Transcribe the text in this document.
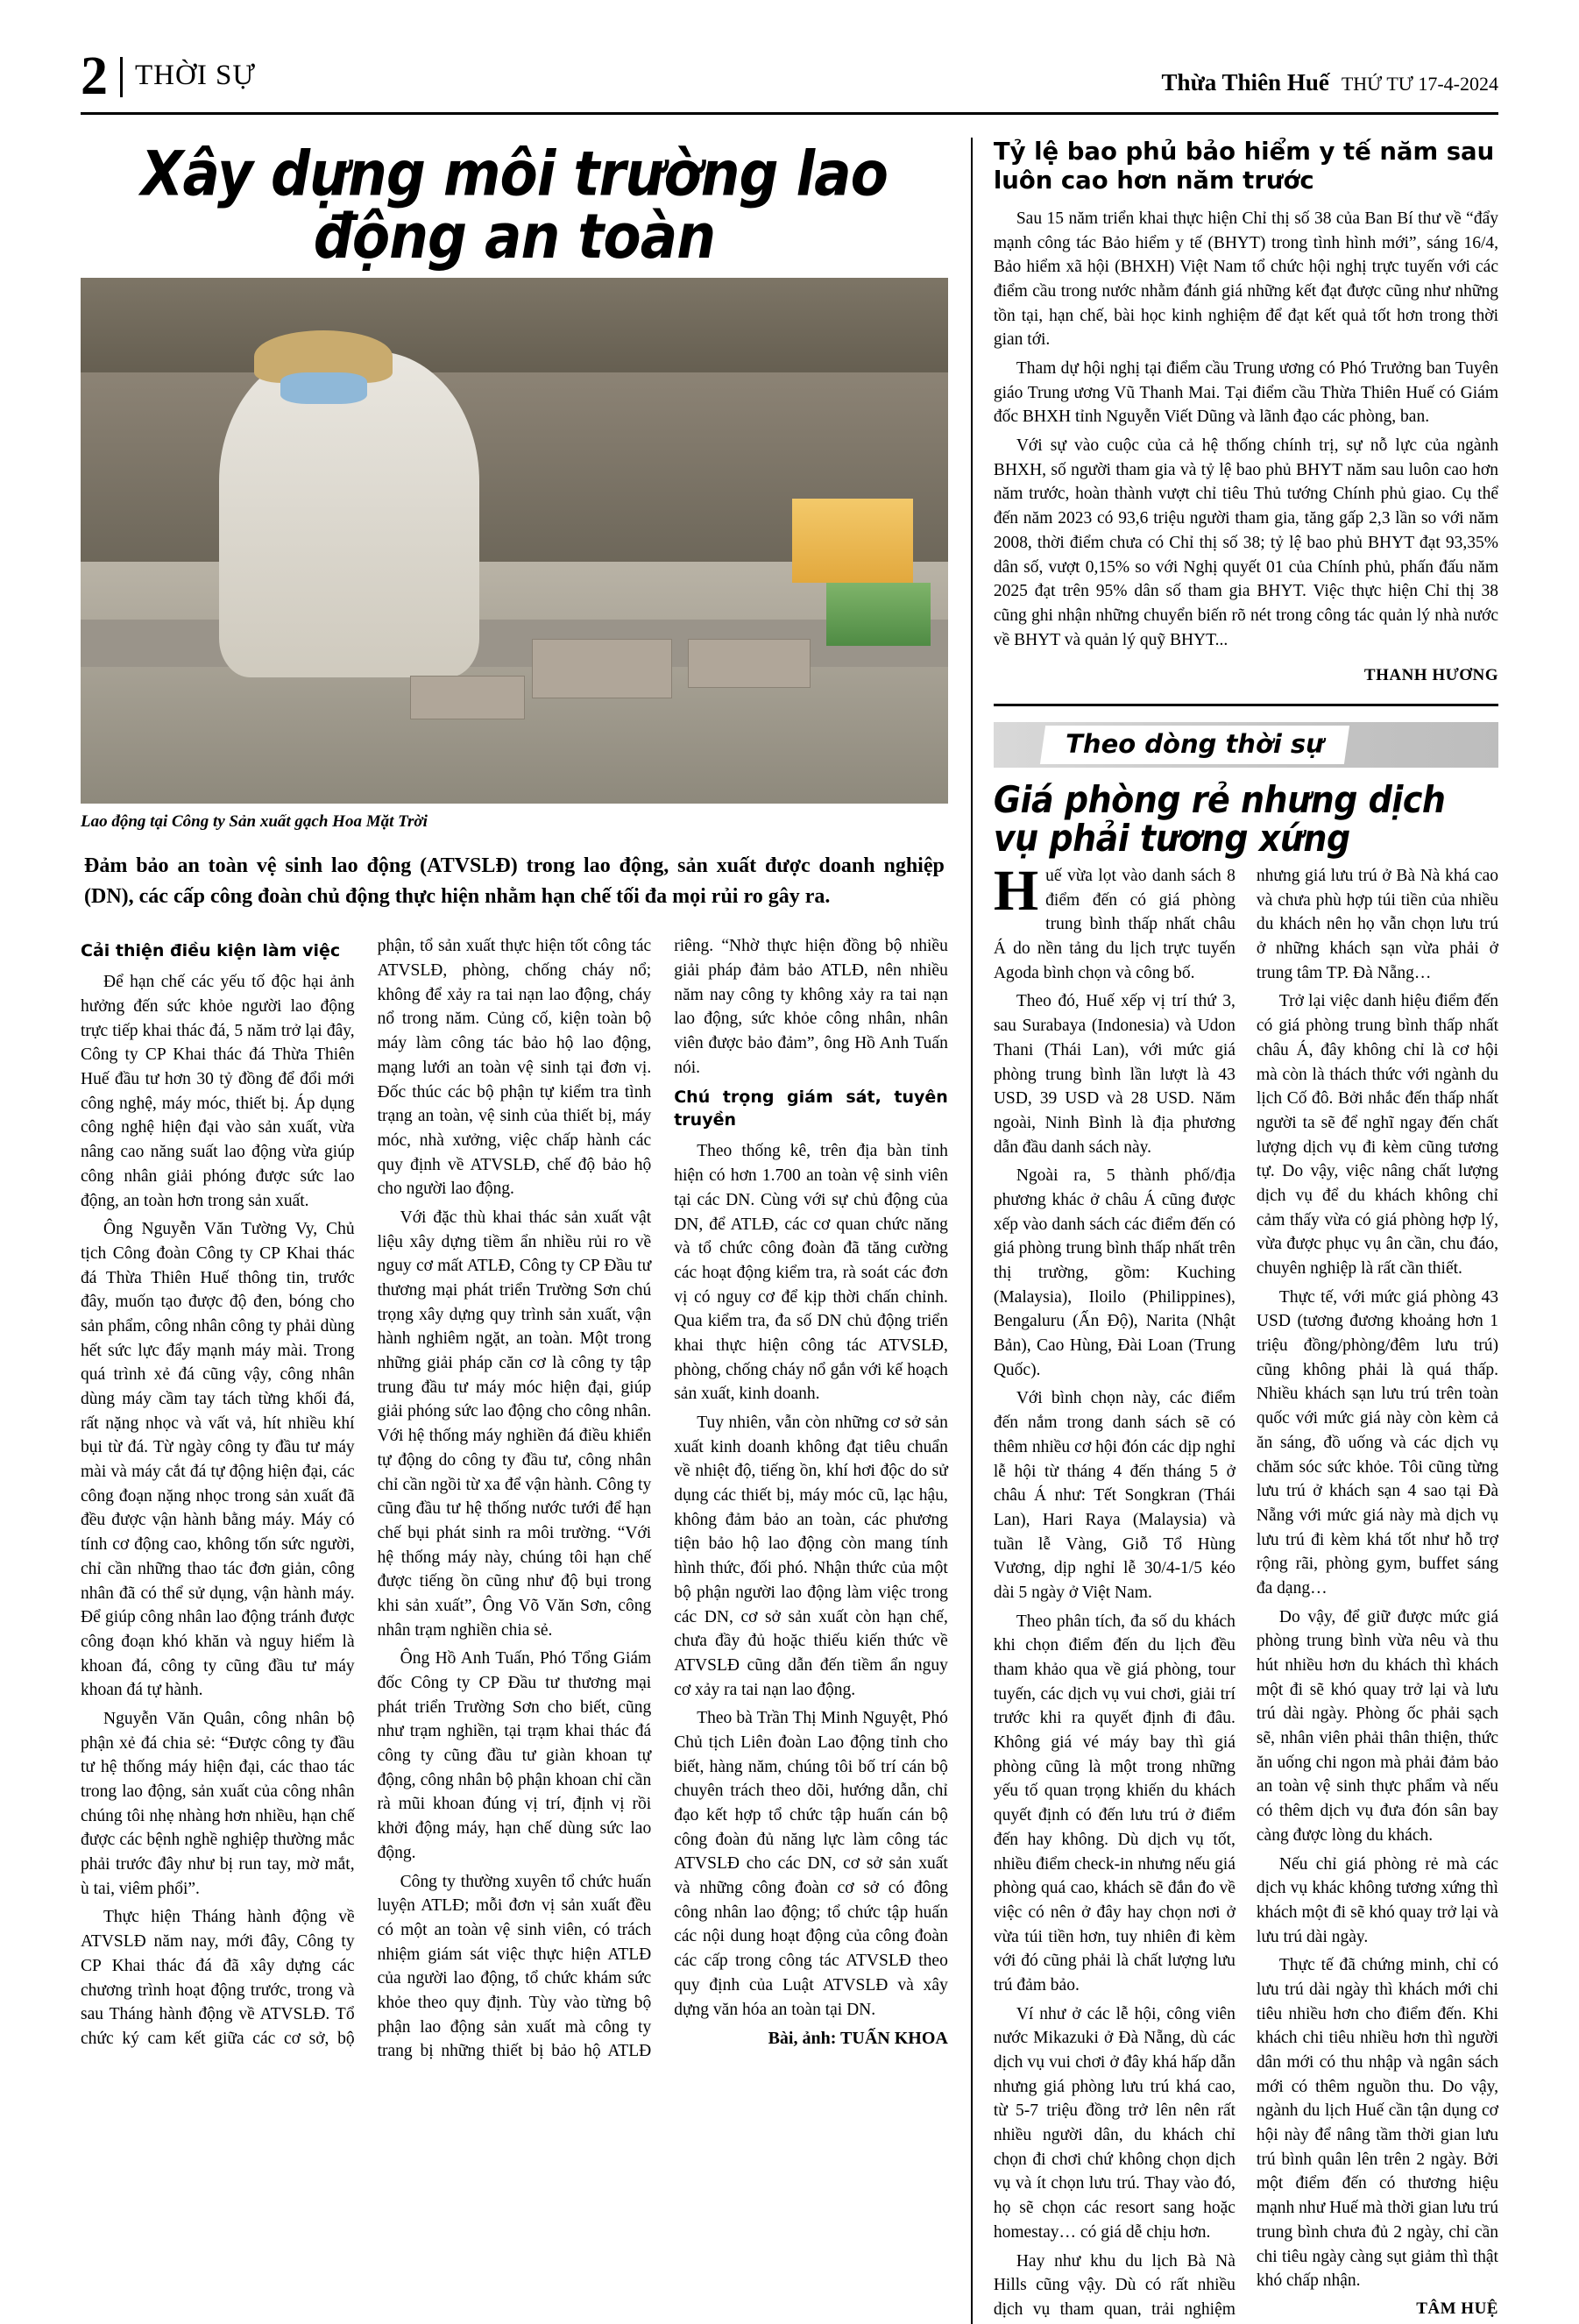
2 THỜI SỰ	Thừa Thiên Huế THỨ TƯ 17-4-2024
Xây dựng môi trường lao động an toàn
Lao động tại Công ty Sản xuất gạch Hoa Mặt Trời
Đảm bảo an toàn vệ sinh lao động (ATVSLĐ) trong lao động, sản xuất được doanh nghiệp (DN), các cấp công đoàn chủ động thực hiện nhằm hạn chế tối đa mọi rủi ro gây ra.
Cải thiện điều kiện làm việc

Để hạn chế các yếu tố độc hại ảnh hưởng đến sức khỏe người lao động trực tiếp khai thác đá, 5 năm trở lại đây, Công ty CP Khai thác đá Thừa Thiên Huế đầu tư hơn 30 tỷ đồng để đổi mới công nghệ, máy móc, thiết bị. Áp dụng công nghệ hiện đại vào sản xuất, vừa nâng cao năng suất lao động vừa giúp công nhân giải phóng được sức lao động, an toàn hơn trong sản xuất.

Ông Nguyễn Văn Tường Vy, Chủ tịch Công đoàn Công ty CP Khai thác đá Thừa Thiên Huế thông tin, trước đây, muốn tạo được độ đen, bóng cho sản phẩm, công nhân công ty phải dùng hết sức lực đẩy mạnh máy mài. Trong quá trình xẻ đá cũng vậy, công nhân dùng máy cầm tay tách từng khối đá, rất nặng nhọc và vất vả, hít nhiều khí bụi từ đá. Từ ngày công ty đầu tư máy mài và máy cắt đá tự động hiện đại, các công đoạn nặng nhọc trong sản xuất đã đều được vận hành bằng máy. Máy có tính cơ động cao, không tốn sức người, chỉ cần những thao tác đơn giản, công nhân đã có thể sử dụng, vận hành máy. Để giúp công nhân lao động tránh được công đoạn khó khăn và nguy hiểm là khoan đá, công ty cũng đầu tư máy khoan đá tự hành.

Nguyễn Văn Quân, công nhân bộ phận xẻ đá chia sẻ: “Được công ty đầu tư hệ thống máy hiện đại, các thao tác trong lao động, sản xuất của công nhân chúng tôi nhẹ nhàng hơn nhiều, hạn chế được các bệnh nghề nghiệp thường mắc phải trước đây như bị run tay, mờ mắt, ù tai, viêm phổi”.

Thực hiện Tháng hành động về ATVSLĐ năm nay, mới đây, Công ty CP Khai thác đá đã xây dựng các chương trình hoạt động trước, trong và sau Tháng hành động về ATVSLĐ. Tổ chức ký cam kết giữa các cơ sở, bộ phận, tổ sản xuất thực hiện tốt công tác ATVSLĐ, phòng, chống cháy nổ; không để xảy ra tai nạn lao động, cháy nổ trong năm. Củng cố, kiện toàn bộ máy làm công tác bảo hộ lao động, mạng lưới an toàn vệ sinh tại đơn vị. Đốc thúc các bộ phận tự kiểm tra tình trạng an toàn, vệ sinh của thiết bị, máy móc, nhà xưởng, việc chấp hành các quy định về ATVSLĐ, chế độ bảo hộ cho người lao động.

Với đặc thù khai thác sản xuất vật liệu xây dựng tiềm ẩn nhiều rủi ro về nguy cơ mất ATLĐ, Công ty CP Đầu tư thương mại phát triển Trường Sơn chú trọng xây dựng quy trình sản xuất, vận hành nghiêm ngặt, an toàn. Một trong những giải pháp căn cơ là công ty tập trung đầu tư máy móc hiện đại, giúp giải phóng sức lao động cho công nhân. Với hệ thống máy nghiền đá điều khiển tự động do công ty đầu tư, công nhân chỉ cần ngồi từ xa để vận hành. Công ty cũng đầu tư hệ thống nước tưới để hạn chế bụi phát sinh ra môi trường. “Với hệ thống máy này, chúng tôi hạn chế được tiếng ồn cũng như độ bụi trong khi sản xuất”, Ông Võ Văn Sơn, công nhân trạm nghiền chia sẻ.

Ông Hồ Anh Tuấn, Phó Tổng Giám đốc Công ty CP Đầu tư thương mại phát triển Trường Sơn cho biết, cũng như trạm nghiền, tại trạm khai thác đá công ty cũng đầu tư giàn khoan tự động, công nhân bộ phận khoan chỉ cần rà mũi khoan đúng vị trí, định vị rồi khởi động máy, hạn chế dùng sức lao động.

Công ty thường xuyên tổ chức huấn luyện ATLĐ; mỗi đơn vị sản xuất đều có một an toàn vệ sinh viên, có trách nhiệm giám sát việc thực hiện ATLĐ của người lao động, tổ chức khám sức khỏe theo quy định. Tùy vào từng bộ phận lao động sản xuất mà công ty trang bị những thiết bị bảo hộ ATLĐ riêng. “Nhờ thực hiện đồng bộ nhiều giải pháp đảm bảo ATLĐ, nên nhiều năm nay công ty không xảy ra tai nạn lao động, sức khỏe công nhân, nhân viên được bảo đảm”, ông Hồ Anh Tuấn nói.

Chú trọng giám sát, tuyên truyền

Theo thống kê, trên địa bàn tỉnh hiện có hơn 1.700 an toàn vệ sinh viên tại các DN. Cùng với sự chủ động của DN, để ATLĐ, các cơ quan chức năng và tổ chức công đoàn đã tăng cường các hoạt động kiểm tra, rà soát các đơn vị có nguy cơ để kịp thời chấn chỉnh. Qua kiểm tra, đa số DN chủ động triển khai thực hiện công tác ATVSLĐ, phòng, chống cháy nổ gắn với kế hoạch sản xuất, kinh doanh.

Tuy nhiên, vẫn còn những cơ sở sản xuất kinh doanh không đạt tiêu chuẩn về nhiệt độ, tiếng ồn, khí hơi độc do sử dụng các thiết bị, máy móc cũ, lạc hậu, không đảm bảo an toàn, các phương tiện bảo hộ lao động còn mang tính hình thức, đối phó. Nhận thức của một bộ phận người lao động làm việc trong các DN, cơ sở sản xuất còn hạn chế, chưa đầy đủ hoặc thiếu kiến thức về ATVSLĐ cũng dẫn đến tiềm ẩn nguy cơ xảy ra tai nạn lao động.

Theo bà Trần Thị Minh Nguyệt, Phó Chủ tịch Liên đoàn Lao động tỉnh cho biết, hàng năm, chúng tôi bố trí cán bộ chuyên trách theo dõi, hướng dẫn, chỉ đạo kết hợp tổ chức tập huấn cán bộ công đoàn đủ năng lực làm công tác ATVSLĐ cho các DN, cơ sở sản xuất và những công đoàn cơ sở có đông công nhân lao động; tổ chức tập huấn các nội dung hoạt động của công đoàn các cấp trong công tác ATVSLĐ theo quy định của Luật ATVSLĐ và xây dựng văn hóa an toàn tại DN.

Bài, ảnh: TUẤN KHOA

Tỷ lệ bao phủ bảo hiểm y tế năm sau luôn cao hơn năm trước

Sau 15 năm triển khai thực hiện Chỉ thị số 38 của Ban Bí thư về “đẩy mạnh công tác Bảo hiểm y tế (BHYT) trong tình hình mới”, sáng 16/4, Bảo hiểm xã hội (BHXH) Việt Nam tổ chức hội nghị trực tuyến với các điểm cầu trong nước nhằm đánh giá những kết đạt được cũng như những tồn tại, hạn chế, bài học kinh nghiệm để đạt kết quả tốt hơn trong thời gian tới.

Tham dự hội nghị tại điểm cầu Trung ương có Phó Trưởng ban Tuyên giáo Trung ương Vũ Thanh Mai. Tại điểm cầu Thừa Thiên Huế có Giám đốc BHXH tỉnh Nguyễn Viết Dũng và lãnh đạo các phòng, ban.

Với sự vào cuộc của cả hệ thống chính trị, sự nỗ lực của ngành BHXH, số người tham gia và tỷ lệ bao phủ BHYT năm sau luôn cao hơn năm trước, hoàn thành vượt chỉ tiêu Thủ tướng Chính phủ giao. Cụ thể đến năm 2023 có 93,6 triệu người tham gia, tăng gấp 2,3 lần so với năm 2008, thời điểm chưa có Chỉ thị số 38; tỷ lệ bao phủ BHYT đạt 93,35% dân số, vượt 0,15% so với Nghị quyết 01 của Chính phủ, phấn đấu năm 2025 đạt trên 95% dân số tham gia BHYT. Việc thực hiện Chỉ thị 38 cũng ghi nhận những chuyển biến rõ nét trong công tác quản lý nhà nước về BHYT và quản lý quỹ BHYT...

THANH HƯƠNG
Theo dòng thời sự
Giá phòng rẻ nhưng dịch vụ phải tương xứng

Huế vừa lọt vào danh sách 8 điểm đến có giá phòng trung bình thấp nhất châu Á do nền tảng du lịch trực tuyến Agoda bình chọn và công bố.

Theo đó, Huế xếp vị trí thứ 3, sau Surabaya (Indonesia) và Udon Thani (Thái Lan), với mức giá phòng trung bình lần lượt là 43 USD, 39 USD và 28 USD. Năm ngoài, Ninh Bình là địa phương dẫn đầu danh sách này.

Ngoài ra, 5 thành phố/địa phương khác ở châu Á cũng được xếp vào danh sách các điểm đến có giá phòng trung bình thấp nhất trên thị trường, gồm: Kuching (Malaysia), Iloilo (Philippines), Bengaluru (Ấn Độ), Narita (Nhật Bản), Cao Hùng, Đài Loan (Trung Quốc).

Với bình chọn này, các điểm đến nắm trong danh sách sẽ có thêm nhiều cơ hội đón các dịp nghỉ lễ hội từ tháng 4 đến tháng 5 ở châu Á như: Tết Songkran (Thái Lan), Hari Raya (Malaysia) và tuần lễ Vàng, Giỗ Tổ Hùng Vương, dịp nghỉ lễ 30/4-1/5 kéo dài 5 ngày ở Việt Nam.

Theo phân tích, đa số du khách khi chọn điểm đến du lịch đều tham khảo qua về giá phòng, tour tuyến, các dịch vụ vui chơi, giải trí trước khi ra quyết định đi đâu. Không giá vé máy bay thì giá phòng cũng là một trong những yếu tố quan trọng khiến du khách quyết định có đến lưu trú ở điểm đến hay không. Dù dịch vụ tốt, nhiều điểm check-in nhưng nếu giá phòng quá cao, khách sẽ đắn đo về việc có nên ở đây hay chọn nơi ở vừa túi tiền hơn, tuy nhiên đi kèm với đó cũng phải là chất lượng lưu trú đảm bảo.

Ví như ở các lễ hội, công viên nước Mikazuki ở Đà Nẵng, dù các dịch vụ vui chơi ở đây khá hấp dẫn nhưng giá phòng lưu trú khá cao, từ 5-7 triệu đồng trở lên nên rất nhiều người dân, du khách chỉ chọn đi chơi chứ không chọn dịch vụ và ít chọn lưu trú. Thay vào đó, họ sẽ chọn các resort sang hoặc homestay… có giá dễ chịu hơn.

Hay như khu du lịch Bà Nà Hills cũng vậy. Dù có rất nhiều dịch vụ tham quan, trải nghiệm nhưng giá lưu trú ở Bà Nà khá cao và chưa phù hợp túi tiền của nhiều du khách nên họ vẫn chọn lưu trú ở những khách sạn vừa phải ở trung tâm TP. Đà Nẵng…

Trở lại việc danh hiệu điểm đến có giá phòng trung bình thấp nhất châu Á, đây không chỉ là cơ hội mà còn là thách thức với ngành du lịch Cố đô. Bởi nhắc đến thấp nhất người ta sẽ để nghĩ ngay đến chất lượng dịch vụ đi kèm cũng tương tự. Do vậy, việc nâng chất lượng dịch vụ để du khách không chỉ cảm thấy vừa có giá phòng hợp lý, vừa được phục vụ ân cần, chu đáo, chuyên nghiệp là rất cần thiết.

Thực tế, với mức giá phòng 43 USD (tương đương khoảng hơn 1 triệu đồng/phòng/đêm lưu trú) cũng không phải là quá thấp. Nhiều khách sạn lưu trú trên toàn quốc với mức giá này còn kèm cả ăn sáng, đồ uống và các dịch vụ chăm sóc sức khỏe. Tôi cũng từng lưu trú ở khách sạn 4 sao tại Đà Nẵng với mức giá này mà dịch vụ lưu trú đi kèm khá tốt như hỗ trợ rộng rãi, phòng gym, buffet sáng đa dạng…

Do vậy, để giữ được mức giá phòng trung bình vừa nêu và thu hút nhiều hơn du khách thì khách một đi sẽ khó quay trở lại và lưu trú dài ngày. Phòng ốc phải sạch sẽ, nhân viên phải thân thiện, thức ăn uống chi ngon mà phải đảm bảo an toàn vệ sinh thực phẩm và nếu có thêm dịch vụ đưa đón sân bay càng được lòng du khách.

Nếu chỉ giá phòng rẻ mà các dịch vụ khác không tương xứng thì khách một đi sẽ khó quay trở lại và lưu trú dài ngày.

Thực tế đã chứng minh, chỉ có lưu trú dài ngày thì khách mới chi tiêu nhiều hơn cho điểm đến. Khi khách chi tiêu nhiều hơn thì người dân mới có thu nhập và ngân sách mới có thêm nguồn thu. Do vậy, ngành du lịch Huế cần tận dụng cơ hội này để nâng tầm thời gian lưu trú bình quân lên trên 2 ngày. Bởi một điểm đến có thương hiệu mạnh như Huế mà thời gian lưu trú trung bình chưa đủ 2 ngày, chỉ cần chi tiêu ngày càng sụt giảm thì thật khó chấp nhận.

TÂM HUỆ
